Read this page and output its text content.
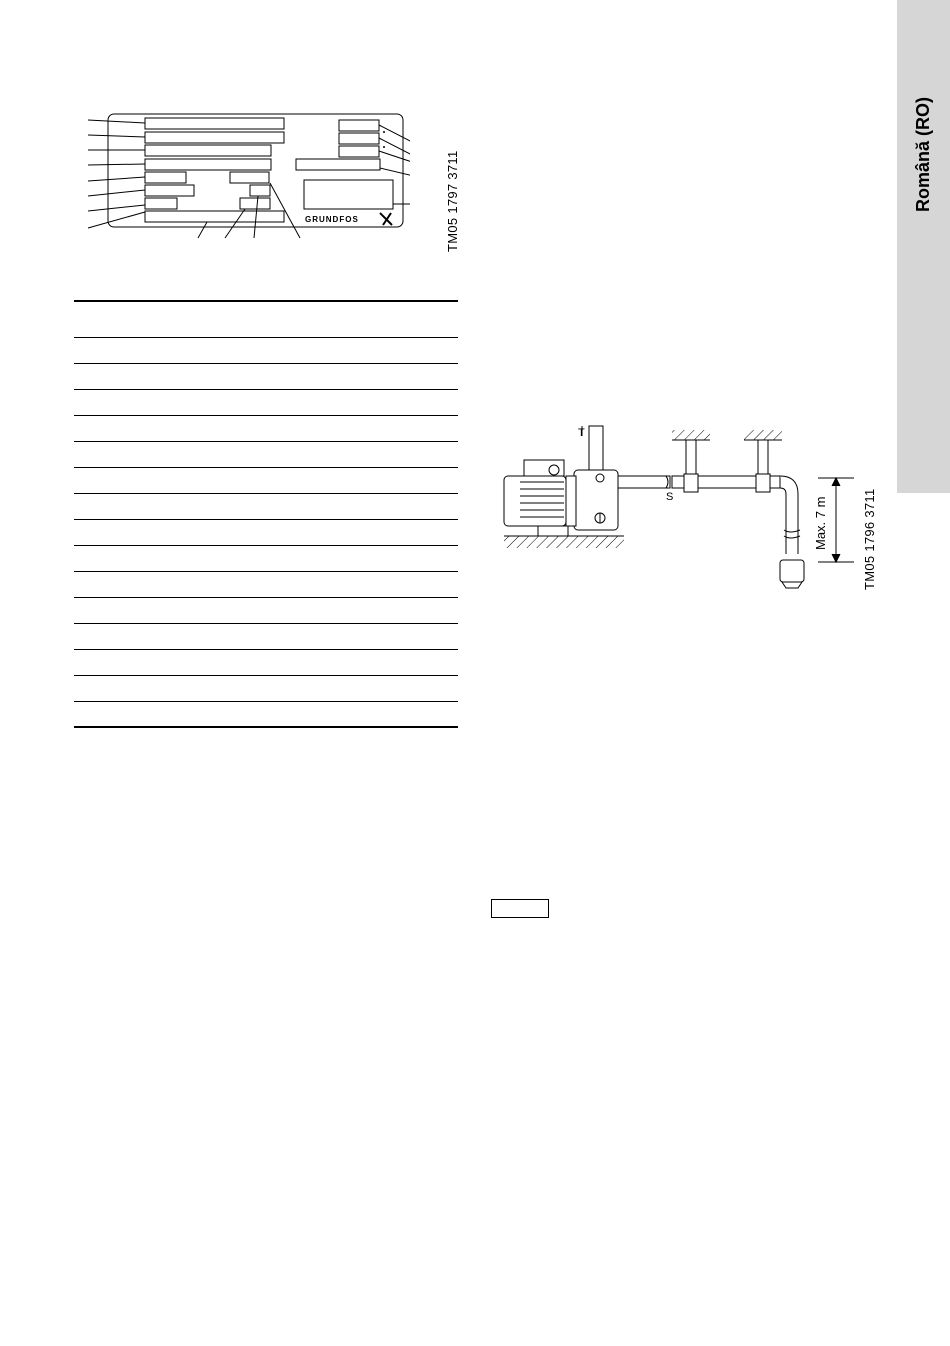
Română (RO)
GRUNDFOS	TM05 1797 3711
T
S	Max. 7 m	TM05 1796 3711
